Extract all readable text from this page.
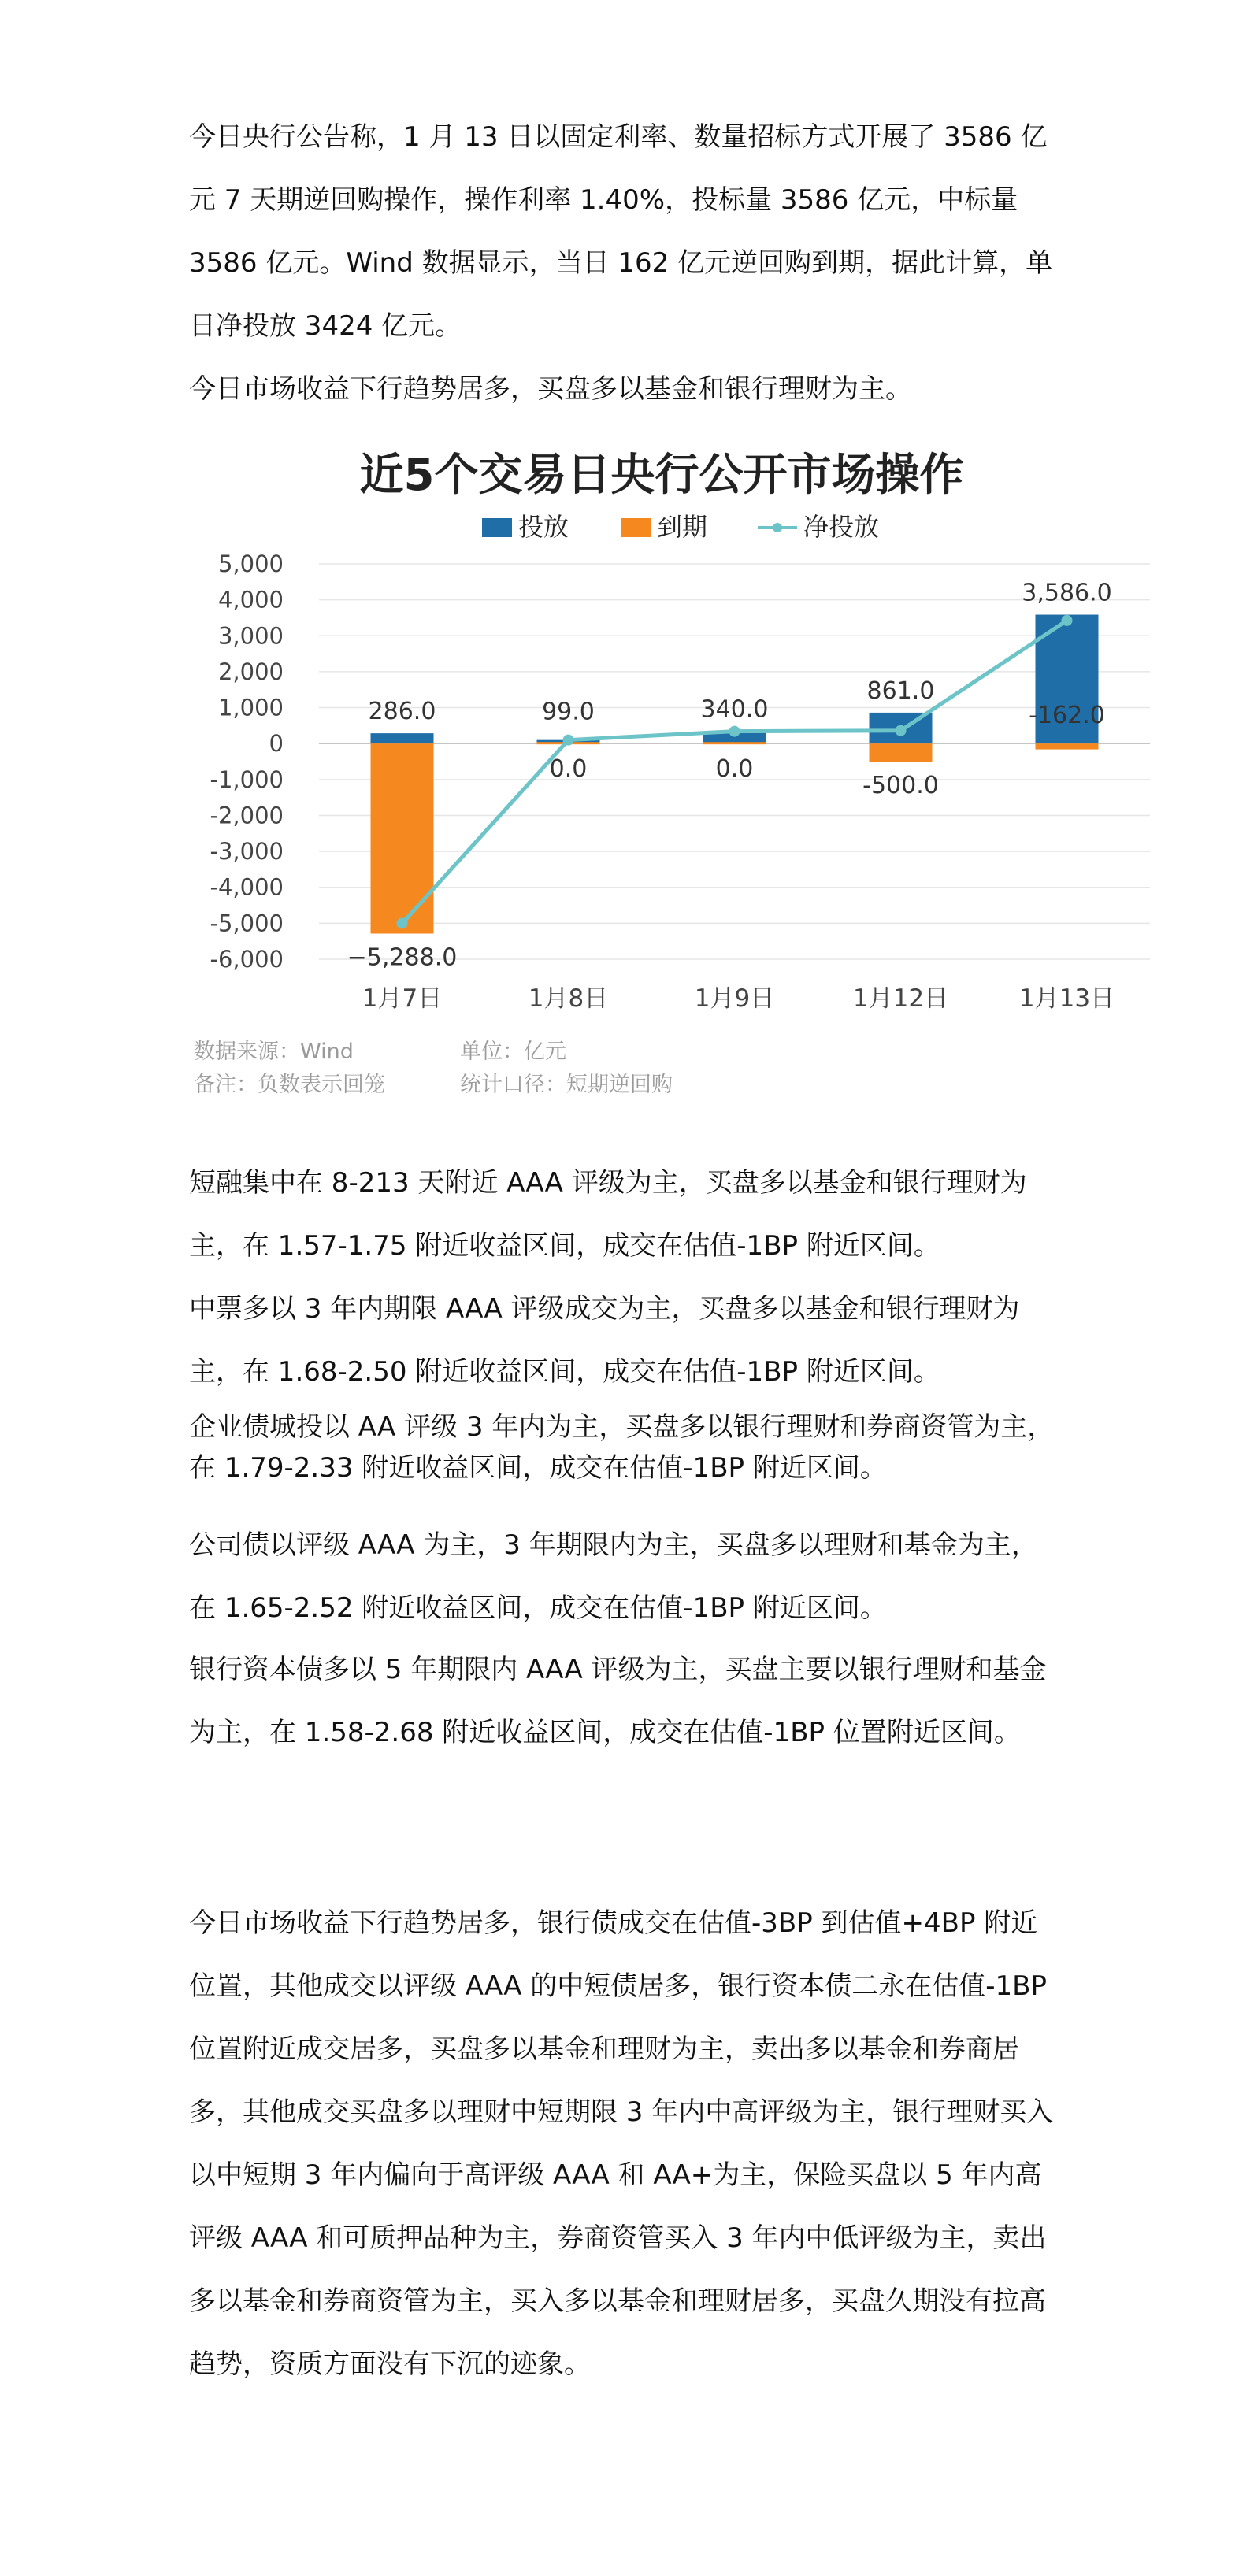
今日央行公告称，1 月 13 日以固定利率、数量招标方式开展了 3586 亿元 7 天期逆回购操作，操作利率 1.40%，投标量 3586 亿元，中标量 3586 亿元。Wind 数据显示，当日 162 亿元逆回购到期，据此计算，单日净投放 3424 亿元。

今日市场收益下行趋势居多，买盘多以基金和银行理财为主。

近5个交易日央行公开市场操作
投放	到期	净投放
5,000
4,000
3,000
2,000
1,000
0
-1,000
-2,000
-3,000
-4,000
-5,000
-6,000
286.0	99.0	340.0
861.0
3,586.0
−5,288.0
0.0	0.0
-500.0
-162.0
1月7日	1月8日	1月9日	1月12日	1月13日
数据来源：Wind	单位：亿元
备注：负数表示回笼	统计口径：短期逆回购

短融集中在 8-213 天附近 AAA 评级为主，买盘多以基金和银行理财为主，在 1.57-1.75 附近收益区间，成交在估值-1BP 附近区间。

中票多以 3 年内期限 AAA 评级成交为主，买盘多以基金和银行理财为主，在 1.68-2.50 附近收益区间，成交在估值-1BP 附近区间。

企业债城投以 AA 评级 3 年内为主，买盘多以银行理财和券商资管为主，在 1.79-2.33 附近收益区间，成交在估值-1BP 附近区间。

公司债以评级 AAA 为主，3 年期限内为主，买盘多以理财和基金为主，在 1.65-2.52 附近收益区间，成交在估值-1BP 附近区间。

银行资本债多以 5 年期限内 AAA 评级为主，买盘主要以银行理财和基金为主，在 1.58-2.68 附近收益区间，成交在估值-1BP 位置附近区间。

今日市场收益下行趋势居多，银行债成交在估值-3BP 到估值+4BP 附近位置，其他成交以评级 AAA 的中短债居多，银行资本债二永在估值-1BP 位置附近成交居多，买盘多以基金和理财为主，卖出多以基金和券商居多，其他成交买盘多以理财中短期限 3 年内中高评级为主，银行理财买入以中短期 3 年内偏向于高评级 AAA 和 AA+为主，保险买盘以 5 年内高评级 AAA 和可质押品种为主，券商资管买入 3 年内中低评级为主，卖出多以基金和券商资管为主，买入多以基金和理财居多，买盘久期没有拉高趋势，资质方面没有下沉的迹象。
